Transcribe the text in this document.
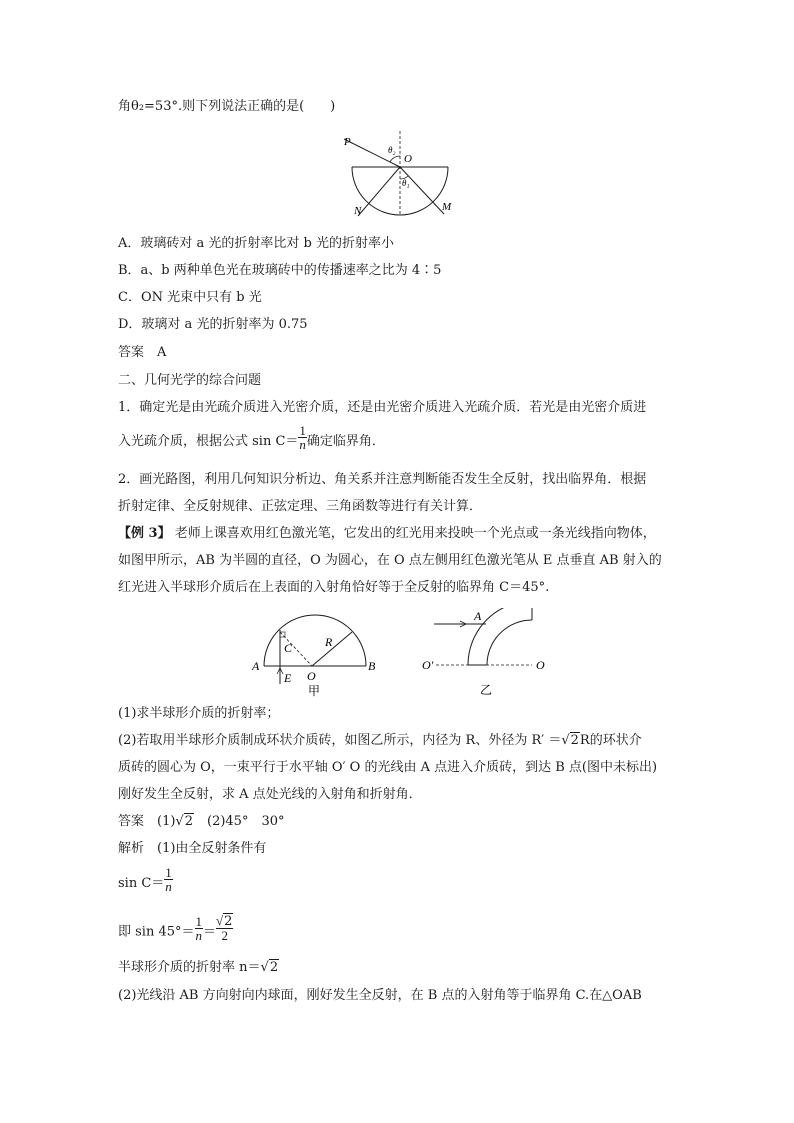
角θ₂=53°.则下列说法正确的是(　　)
P
O
θ₂
θ₁
N	M
A．玻璃砖对 a 光的折射率比对 b 光的折射率小
B．a、b 两种单色光在玻璃砖中的传播速率之比为 4∶5
C．ON 光束中只有 b 光
D．玻璃对 a 光的折射率为 0.75
答案　A
二、几何光学的综合问题
1．确定光是由光疏介质进入光密介质，还是由光密介质进入光疏介质．若光是由光密介质进
入光疏介质，根据公式 $\sin C= \frac{1}{n}$ 确定临界角．
2．画光路图，利用几何知识分析边、角关系并注意判断能否发生全反射，找出临界角．根据
折射定律、全反射规律、正弦定理、三角函数等进行有关计算．
【例 3】 老师上课喜欢用红色激光笔，它发出的红光用来投映一个光点或一条光线指向物体，
如图甲所示，AB 为半圆的直径，O 为圆心，在 O 点左侧用红色激光笔从 E 点垂直 AB 射入的
红光进入半球形介质后在上表面的入射角恰好等于全反射的临界角 C＝45°.
A	B
C	R
O
E
甲
A
O′	O
乙
(1)求半球形介质的折射率；
(2)若取用半球形介质制成环状介质砖，如图乙所示，内径为 R、外径为 R′ ＝√2R的环状介
质砖的圆心为 O，一束平行于水平轴 O′ O 的光线由 A 点进入介质砖，到达 B 点(图中未标出)
刚好发生全反射，求 A 点处光线的入射角和折射角．
答案　(1)√2　(2)45°　30°
解析　(1)由全反射条件有
$\sin C= \frac{1}{n}$
即 $\sin 45^\circ= \frac{1}{n} = \frac{√2}{2}$
半球形介质的折射率 n＝√2
(2)光线沿 AB 方向射向内球面，刚好发生全反射，在 B 点的入射角等于临界角 C.在△OAB
